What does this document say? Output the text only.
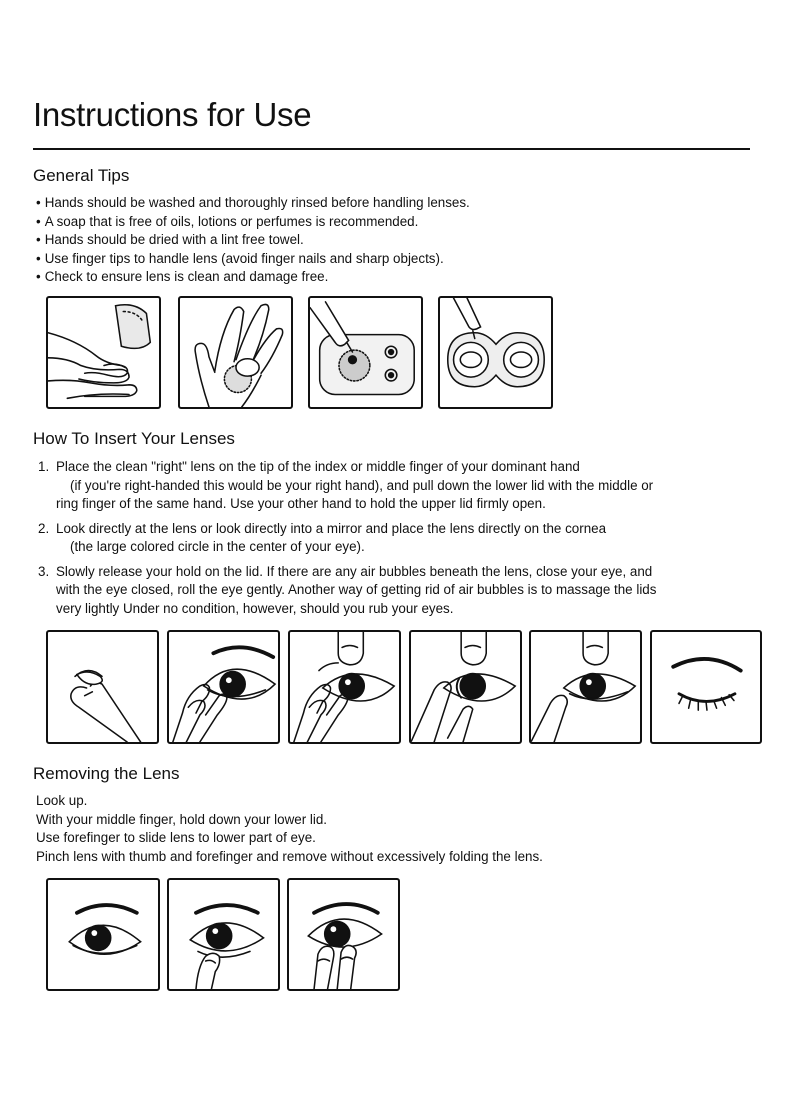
Instructions for Use
General Tips
• Hands should be washed and thoroughly rinsed before handling lenses.
• A soap that is free of oils, lotions or perfumes is recommended.
• Hands should be dried with a lint free towel.
• Use finger tips to handle lens (avoid finger nails and sharp objects).
• Check to ensure lens is clean and damage free.
How To Insert Your Lenses
1. Place the clean "right" lens on the tip of the index or middle finger of your dominant hand
(if you're right-handed this would be your right hand), and pull down the lower lid with the middle or
ring finger of the same hand. Use your other hand to hold the upper lid firmly open.
2. Look directly at the lens or look directly into a mirror and place the lens directly on the cornea
(the large colored circle in the center of your eye).
3. Slowly release your hold on the lid. If there are any air bubbles beneath the lens, close your eye, and
with the eye closed, roll the eye gently. Another way of getting rid of air bubbles is to massage the lids
very lightly Under no condition, however, should you rub your eyes.
Removing the Lens
Look up.
With your middle finger, hold down your lower lid.
Use forefinger to slide lens to lower part of eye.
Pinch lens with thumb and forefinger and remove without excessively folding the lens.
